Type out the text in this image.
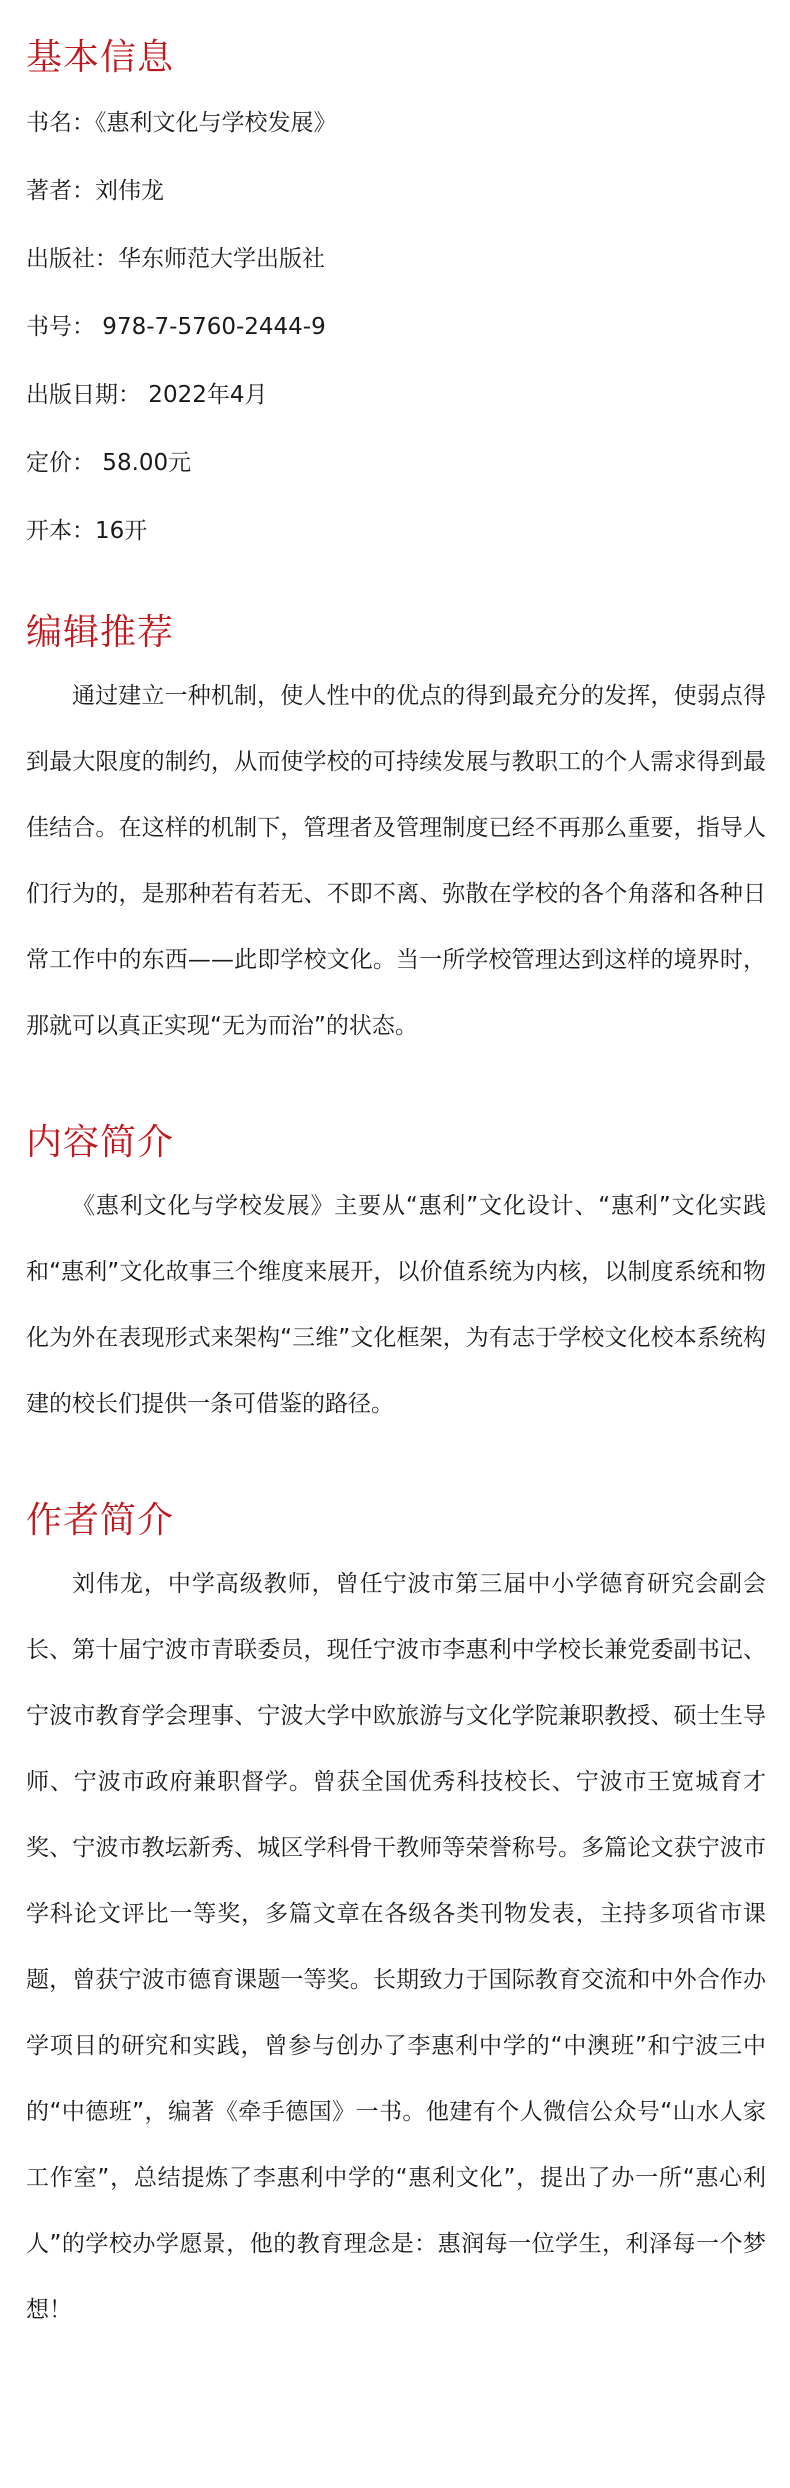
基本信息
书名：《惠利文化与学校发展》
著者：刘伟龙
出版社：华东师范大学出版社
书号： 978-7-5760-2444-9
出版日期： 2022年4月
定价： 58.00元
开本：16开
编辑推荐

通过建立一种机制，使人性中的优点的得到最充分的发挥，使弱点得到最大限度的制约，从而使学校的可持续发展与教职工的个人需求得到最佳结合。在这样的机制下，管理者及管理制度已经不再那么重要，指导人们行为的，是那种若有若无、不即不离、弥散在学校的各个角落和各种日常工作中的东西——此即学校文化。当一所学校管理达到这样的境界时，那就可以真正实现“无为而治”的状态。

内容简介

《惠利文化与学校发展》主要从“惠利”文化设计、“惠利”文化实践和“惠利”文化故事三个维度来展开，以价值系统为内核，以制度系统和物化为外在表现形式来架构“三维”文化框架，为有志于学校文化校本系统构建的校长们提供一条可借鉴的路径。

作者简介

刘伟龙，中学高级教师，曾任宁波市第三届中小学德育研究会副会长、第十届宁波市青联委员，现任宁波市李惠利中学校长兼党委副书记、宁波市教育学会理事、宁波大学中欧旅游与文化学院兼职教授、硕士生导师、宁波市政府兼职督学。曾获全国优秀科技校长、宁波市王宽城育才奖、宁波市教坛新秀、城区学科骨干教师等荣誉称号。多篇论文获宁波市学科论文评比一等奖，多篇文章在各级各类刊物发表，主持多项省市课题，曾获宁波市德育课题一等奖。长期致力于国际教育交流和中外合作办学项目的研究和实践，曾参与创办了李惠利中学的“中澳班”和宁波三中的“中德班”，编著《牵手德国》一书。他建有个人微信公众号“山水人家工作室”，总结提炼了李惠利中学的“惠利文化”，提出了办一所“惠心利人”的学校办学愿景，他的教育理念是：惠润每一位学生，利泽每一个梦想！
